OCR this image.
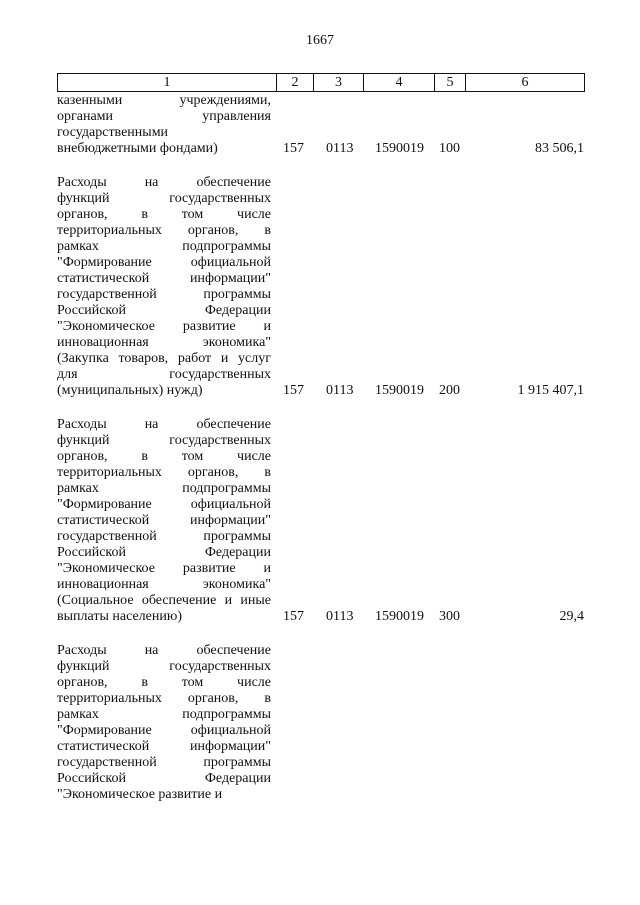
1667
1	2	3	4	5	6
казенными учреждениями,
органами управления
государственными
внебюджетными фондами)	157 0113 1590019 100	83 506,1
Расходы на обеспечение
функций государственных
органов, в том числе
территориальных органов, в
рамках подпрограммы
"Формирование официальной
статистической информации"
государственной программы
Российской Федерации
"Экономическое развитие и
инновационная экономика"
(Закупка товаров, работ и услуг
для государственных
(муниципальных) нужд)	157 0113 1590019 200	1 915 407,1
Расходы на обеспечение
функций государственных
органов, в том числе
территориальных органов, в
рамках подпрограммы
"Формирование официальной
статистической информации"
государственной программы
Российской Федерации
"Экономическое развитие и
инновационная экономика"
(Социальное обеспечение и иные
выплаты населению)	157 0113 1590019 300	29,4
Расходы на обеспечение
функций государственных
органов, в том числе
территориальных органов, в
рамках подпрограммы
"Формирование официальной
статистической информации"
государственной программы
Российской Федерации
"Экономическое развитие и
